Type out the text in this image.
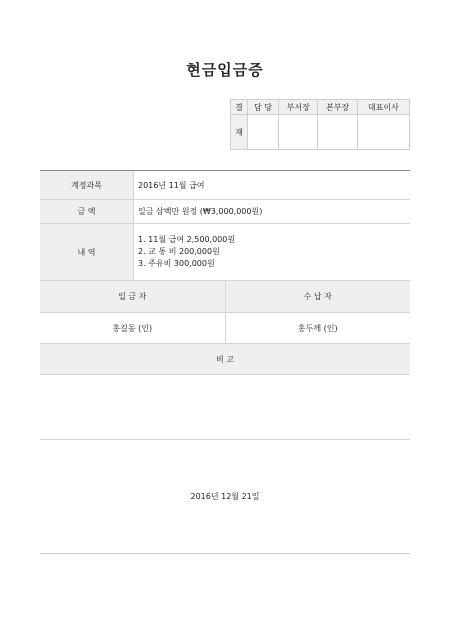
현금입금증
결	담 당	부서장	본부장	대표이사
재				
계정과목	2016년 11월 급여
금 액	일금 삼백만 원정 (₩3,000,000원)
내 역
1. 11월 급여 2,500,000원
2. 교 통 비 200,000원
3. 주유비 300,000원
입 금 자	수 납 자
홍길동 (인)	홍두깨 (인)
비 고
2016년 12월 21일
